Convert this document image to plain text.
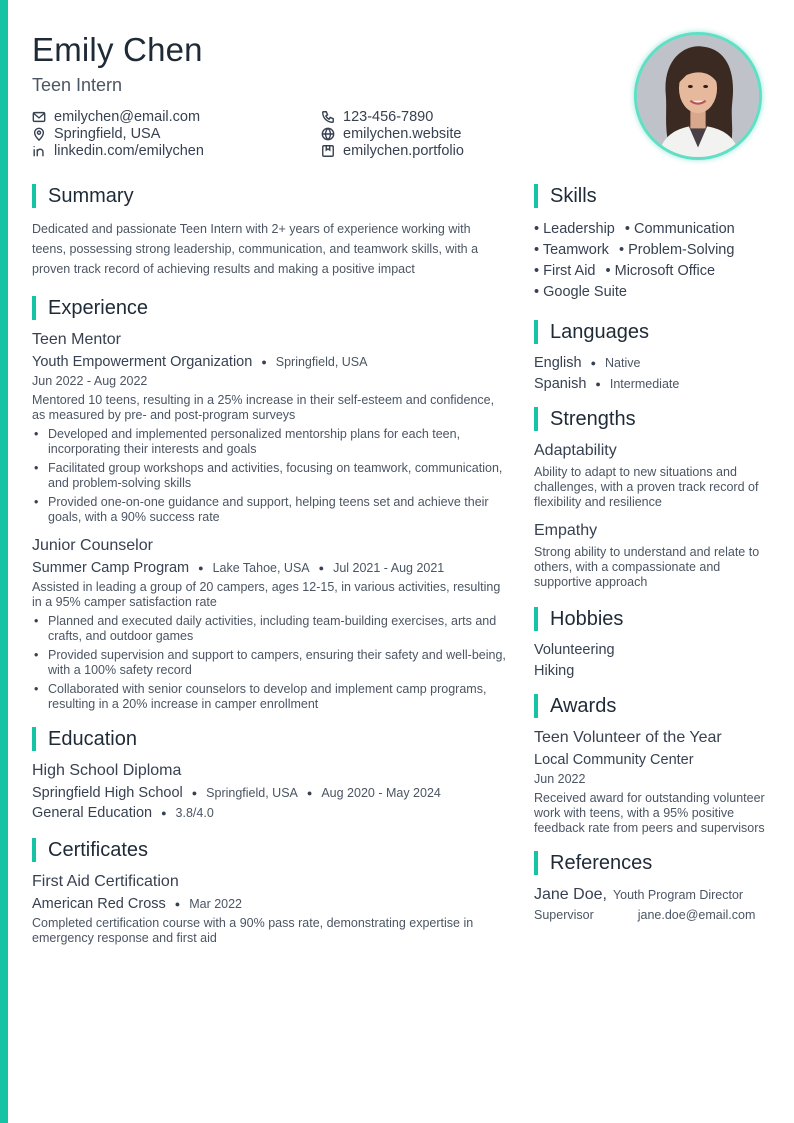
Emily Chen
Teen Intern
emilychen@email.com
Springfield, USA
linkedin.com/emilychen
123-456-7890
emilychen.website
emilychen.portfolio
Summary

Dedicated and passionate Teen Intern with 2+ years of experience working with teens, possessing strong leadership, communication, and teamwork skills, with a proven track record of achieving results and making a positive impact

Experience
Teen Mentor
Youth Empowerment Organization ● Springfield, USA
Jun 2022 - Aug 2022

Mentored 10 teens, resulting in a 25% increase in their self-esteem and confidence, as measured by pre- and post-program surveys

• Developed and implemented personalized mentorship plans for each teen, incorporating their interests and goals
• Facilitated group workshops and activities, focusing on teamwork, communication, and problem-solving skills
• Provided one-on-one guidance and support, helping teens set and achieve their goals, with a 90% success rate
Junior Counselor
Summer Camp Program ● Lake Tahoe, USA ● Jul 2021 - Aug 2021

Assisted in leading a group of 20 campers, ages 12-15, in various activities, resulting in a 95% camper satisfaction rate

• Planned and executed daily activities, including team-building exercises, arts and crafts, and outdoor games
• Provided supervision and support to campers, ensuring their safety and well-being, with a 100% safety record
• Collaborated with senior counselors to develop and implement camp programs, resulting in a 20% increase in camper enrollment
Education
High School Diploma
Springfield High School ● Springfield, USA ● Aug 2020 - May 2024
General Education ● 3.8/4.0
Certificates
First Aid Certification
American Red Cross ● Mar 2022

Completed certification course with a 90% pass rate, demonstrating expertise in emergency response and first aid

Skills
• Leadership • Communication
• Teamwork • Problem-Solving
• First Aid • Microsoft Office
• Google Suite
Languages
English ● Native
Spanish ● Intermediate
Strengths
Adaptability

Ability to adapt to new situations and challenges, with a proven track record of flexibility and resilience

Empathy

Strong ability to understand and relate to others, with a compassionate and supportive approach

Hobbies
Volunteering
Hiking
Awards
Teen Volunteer of the Year
Local Community Center
Jun 2022

Received award for outstanding volunteer work with teens, with a 95% positive feedback rate from peers and supervisors

References
Jane Doe, Youth Program Director
Supervisor	jane.doe@email.com
